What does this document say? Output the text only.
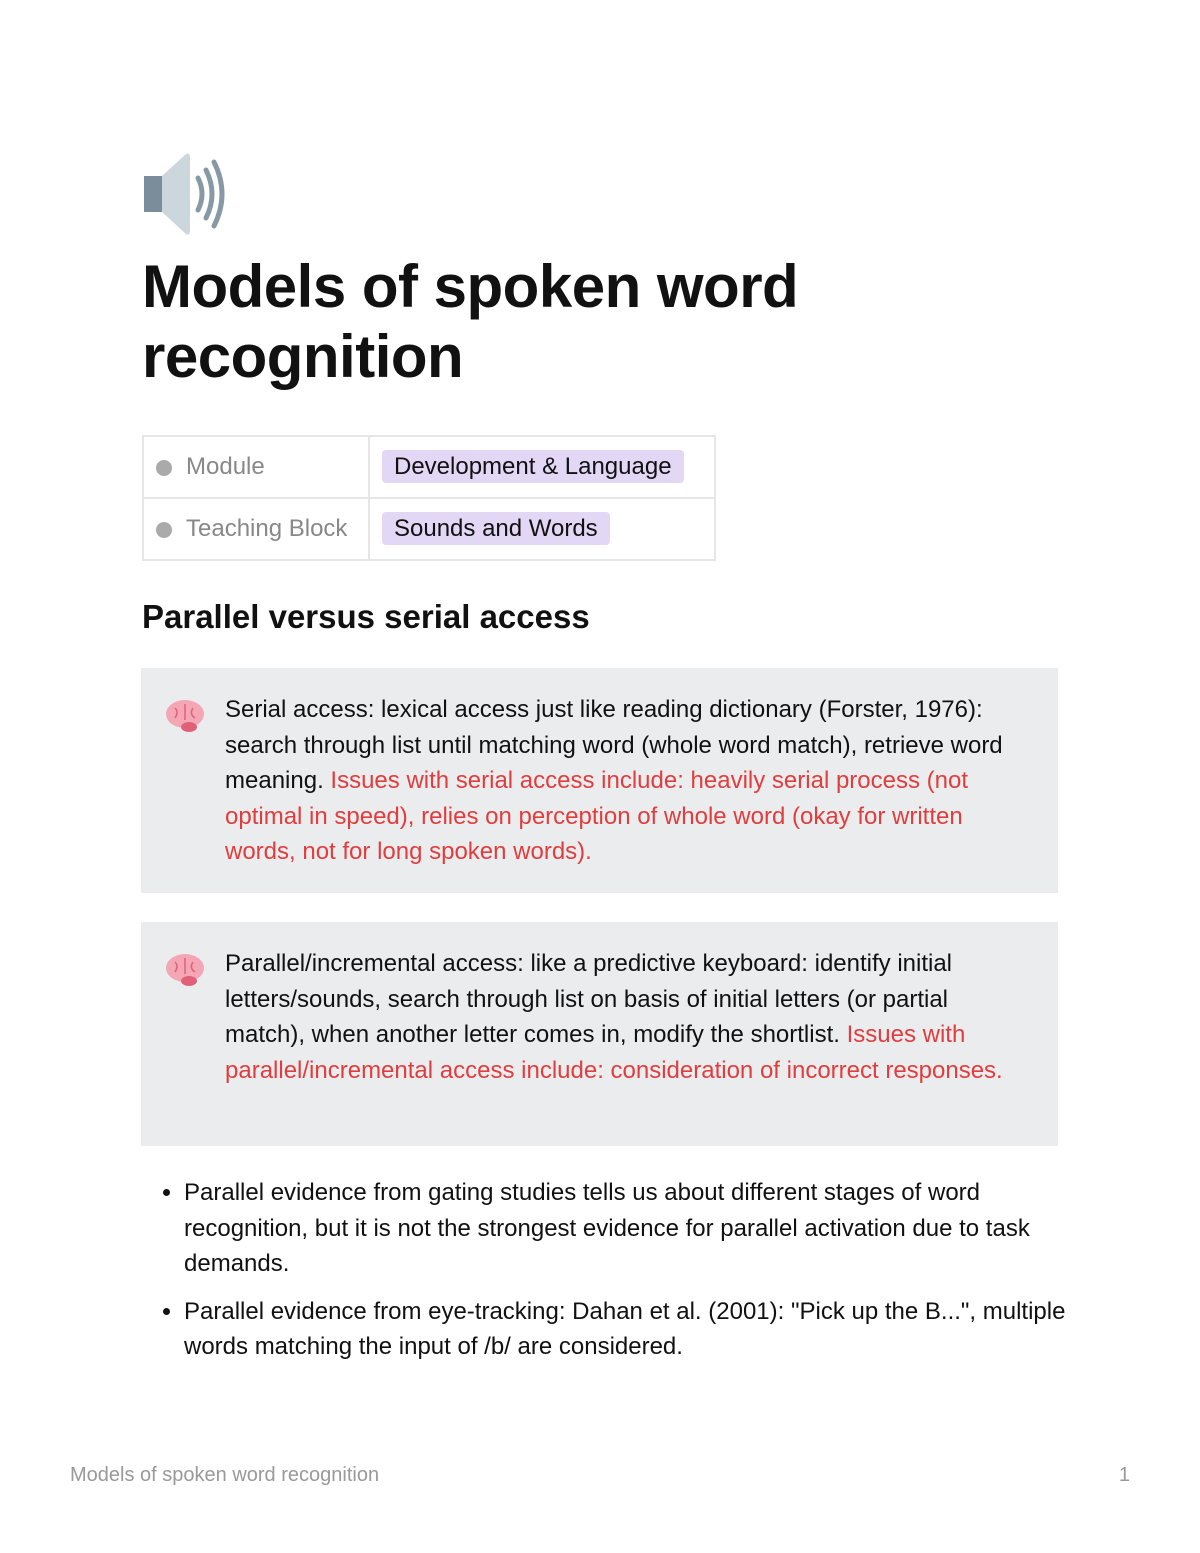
Models of spoken word recognition
Module	Development & Language
Teaching Block	Sounds and Words
Parallel versus serial access
Serial access: lexical access just like reading dictionary (Forster, 1976): search through list until matching word (whole word match), retrieve word meaning. Issues with serial access include: heavily serial process (not optimal in speed), relies on perception of whole word (okay for written words, not for long spoken words).
Parallel/incremental access: like a predictive keyboard: identify initial letters/sounds, search through list on basis of initial letters (or partial match), when another letter comes in, modify the shortlist. Issues with parallel/incremental access include: consideration of incorrect responses.
• Parallel evidence from gating studies tells us about different stages of word recognition, but it is not the strongest evidence for parallel activation due to task demands.
• Parallel evidence from eye-tracking: Dahan et al. (2001): "Pick up the B...", multiple words matching the input of /b/ are considered.
Models of spoken word recognition	1
